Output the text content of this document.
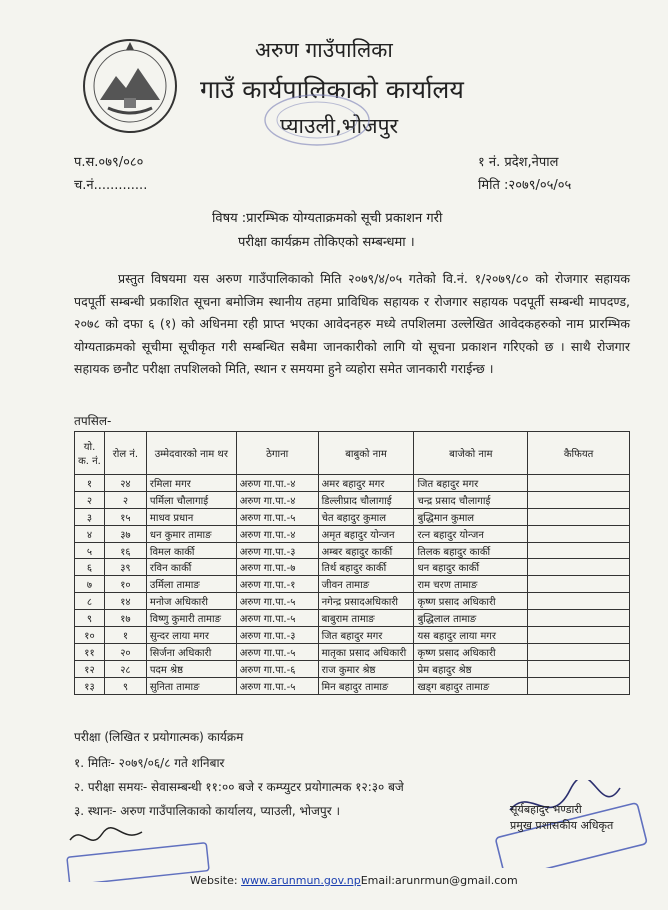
अरुण गाउँपालिका
गाउँ कार्यपालिकाको कार्यालय
प्याउली,भोजपुर
प.स.०७९/०८०
च.नं.............
१ नं. प्रदेश,नेपाल
मिति :२०७९/०५/०५
विषय :प्रारम्भिक योग्यताक्रमको सूची प्रकाशन गरी
परीक्षा कार्यक्रम तोकिएको सम्बन्धमा ।
प्रस्तुत विषयमा यस अरुण गाउँपालिकाको मिति २०७९/४/०५ गतेको वि.नं. १/२०७९/८० को रोजगार सहायक पदपूर्ती सम्बन्धी प्रकाशित सूचना बमोजिम स्थानीय तहमा प्राविधिक सहायक र रोजगार सहायक पदपूर्ती सम्बन्धी मापदण्ड, २०७८ को दफा ६ (१) को अधिनमा रही प्राप्त भएका आवेदनहरु मध्ये तपशिलमा उल्लेखित आवेदकहरुको नाम प्रारम्भिक योग्यताक्रमको सूचीमा सूचीकृत गरी सम्बन्धित सबैमा जानकारीको लागि यो सूचना प्रकाशन गरिएको छ । साथै रोजगार सहायक छनौट परीक्षा तपशिलको मिति, स्थान र समयमा हुने व्यहोरा समेत जानकारी गराईन्छ ।
तपसिल-
यो. क. नं.	रोल नं.	उम्मेदवारको नाम थर	ठेगाना	बाबुको नाम	बाजेको नाम	कैफियत
१	२४	रमिला मगर	अरुण गा.पा.-४	अमर बहादुर मगर	जित बहादुर मगर	
२	२	पर्मिला चौलागाई	अरुण गा.पा.-४	डिल्लीप्राद चौलागाई	चन्द्र प्रसाद चौलागाई	
३	१५	माधव प्रधान	अरुण गा.पा.-५	चेत बहादुर कुमाल	बुद्धिमान कुमाल	
४	३७	धन कुमार तामाङ	अरुण गा.पा.-४	अमृत बहादुर योन्जन	रत्न बहादुर योन्जन	
५	१६	विमल कार्की	अरुण गा.पा.-३	अम्बर बहादुर कार्की	तिलक बहादुर कार्की	
६	३९	रविन कार्की	अरुण गा.पा.-७	तिर्थ बहादुर कार्की	धन बहादुर कार्की	
७	१०	उर्मिला तामाङ	अरुण गा.पा.-१	जीवन तामाङ	राम चरण तामाङ	
८	१४	मनोज अधिकारी	अरुण गा.पा.-५	नगेन्द्र प्रसादअधिकारी	कृष्ण प्रसाद अधिकारी	
९	१७	विष्णु कुमारी तामाङ	अरुण गा.पा.-५	बाबुराम तामाङ	बुद्धिलाल तामाङ	
१०	१	सुन्दर लाया मगर	अरुण गा.पा.-३	जित बहादुर मगर	यस बहादुर लाया मगर	
११	२०	सिर्जना अधिकारी	अरुण गा.पा.-५	मातृका प्रसाद अधिकारी	कृष्ण प्रसाद अधिकारी	
१२	२८	पदम श्रेष्ठ	अरुण गा.पा.-६	राज कुमार श्रेष्ठ	प्रेम बहादुर श्रेष्ठ	
१३	९	सुनिता तामाङ	अरुण गा.पा.-५	मिन बहादुर तामाङ	खड्ग बहादुर तामाङ	
परीक्षा (लिखित र प्रयोगात्मक) कार्यक्रम
१. मितिः- २०७९/०६/८ गते शनिबार
२. परीक्षा समयः- सेवासम्बन्धी ११:०० बजे र कम्प्युटर प्रयोगात्मक १२:३० बजे
३. स्थानः- अरुण गाउँपालिकाको कार्यालय, प्याउली, भोजपुर ।	सूर्यबहादुर भण्डारी
प्रमुख प्रशासकीय अधिकृत
Website: www.arunmun.gov.npEmail:arunrmun@gmail.com
